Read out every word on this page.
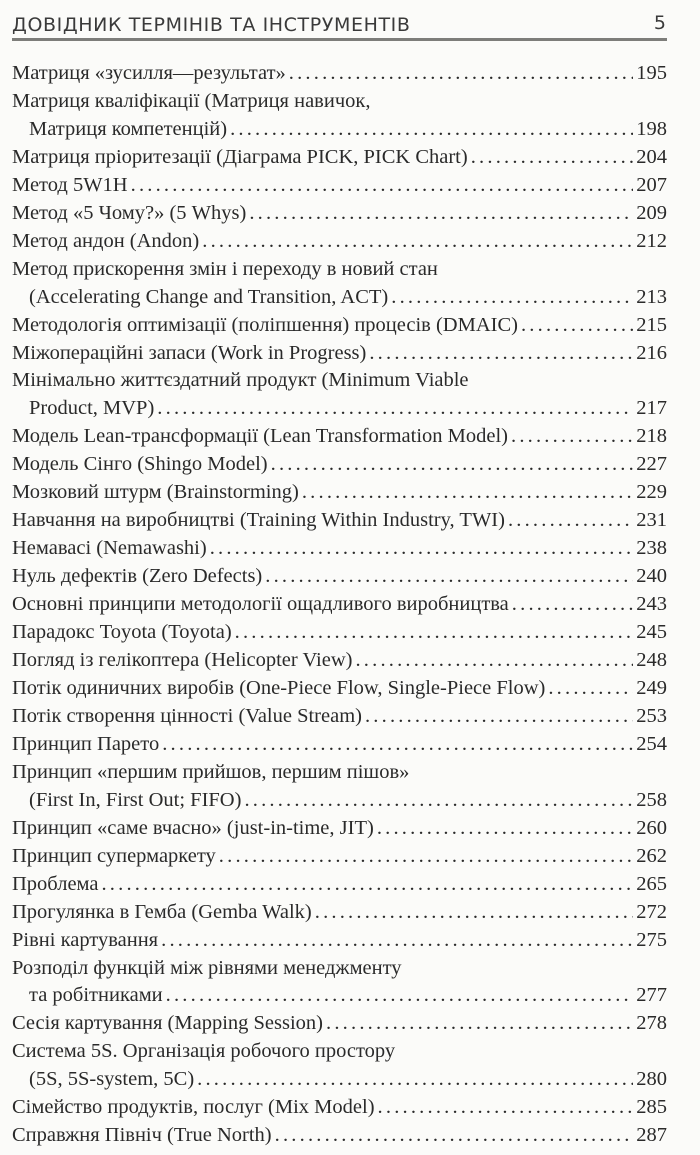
ДОВІДНИК ТЕРМІНІВ ТА ІНСТРУМЕНТІВ	5
Матриця «зусилля—результат» .....	195
Матриця кваліфікації (Матриця навичок,
Матриця компетенцій) .....	198
Матриця пріоритезації (Діаграма PICK, PICK Chart) .....	204
Метод 5W1H .....	207
Метод «5 Чому?» (5 Whys) .....	209
Метод андон (Andon) .....	212
Метод прискорення змін і переходу в новий стан
(Accelerating Change and Transition, ACT) .....	213
Методологія оптимізації (поліпшення) процесів (DMAIC) .....	215
Міжопераційні запаси (Work in Progress) .....	216
Мінімально життєздатний продукт (Minimum Viable
Product, MVP) .....	217
Модель Lean-трансформації (Lean Transformation Model) .....	218
Модель Сінго (Shingo Model) .....	227
Мозковий штурм (Brainstorming) .....	229
Навчання на виробництві (Training Within Industry, TWI) .....	231
Немавасі (Nemawashi) .....	238
Нуль дефектів (Zero Defects) .....	240
Основні принципи методології ощадливого виробництва .....	243
Парадокс Toyota (Toyota) .....	245
Погляд із гелікоптера (Helicopter View) .....	248
Потік одиничних виробів (One-Piece Flow, Single-Piece Flow) .....	249
Потік створення цінності (Value Stream) .....	253
Принцип Парето .....	254
Принцип «першим прийшов, першим пішов»
(First In, First Out; FIFO) .....	258
Принцип «саме вчасно» (just-in-time, JIT) .....	260
Принцип супермаркету .....	262
Проблема .....	265
Прогулянка в Гемба (Gemba Walk) .....	272
Рівні картування .....	275
Розподіл функцій між рівнями менеджменту
та робітниками .....	277
Сесія картування (Mapping Session) .....	278
Система 5S. Організація робочого простору
(5S, 5S-system, 5C) .....	280
Сімейство продуктів, послуг (Mix Model) .....	285
Справжня Північ (True North) .....	287
